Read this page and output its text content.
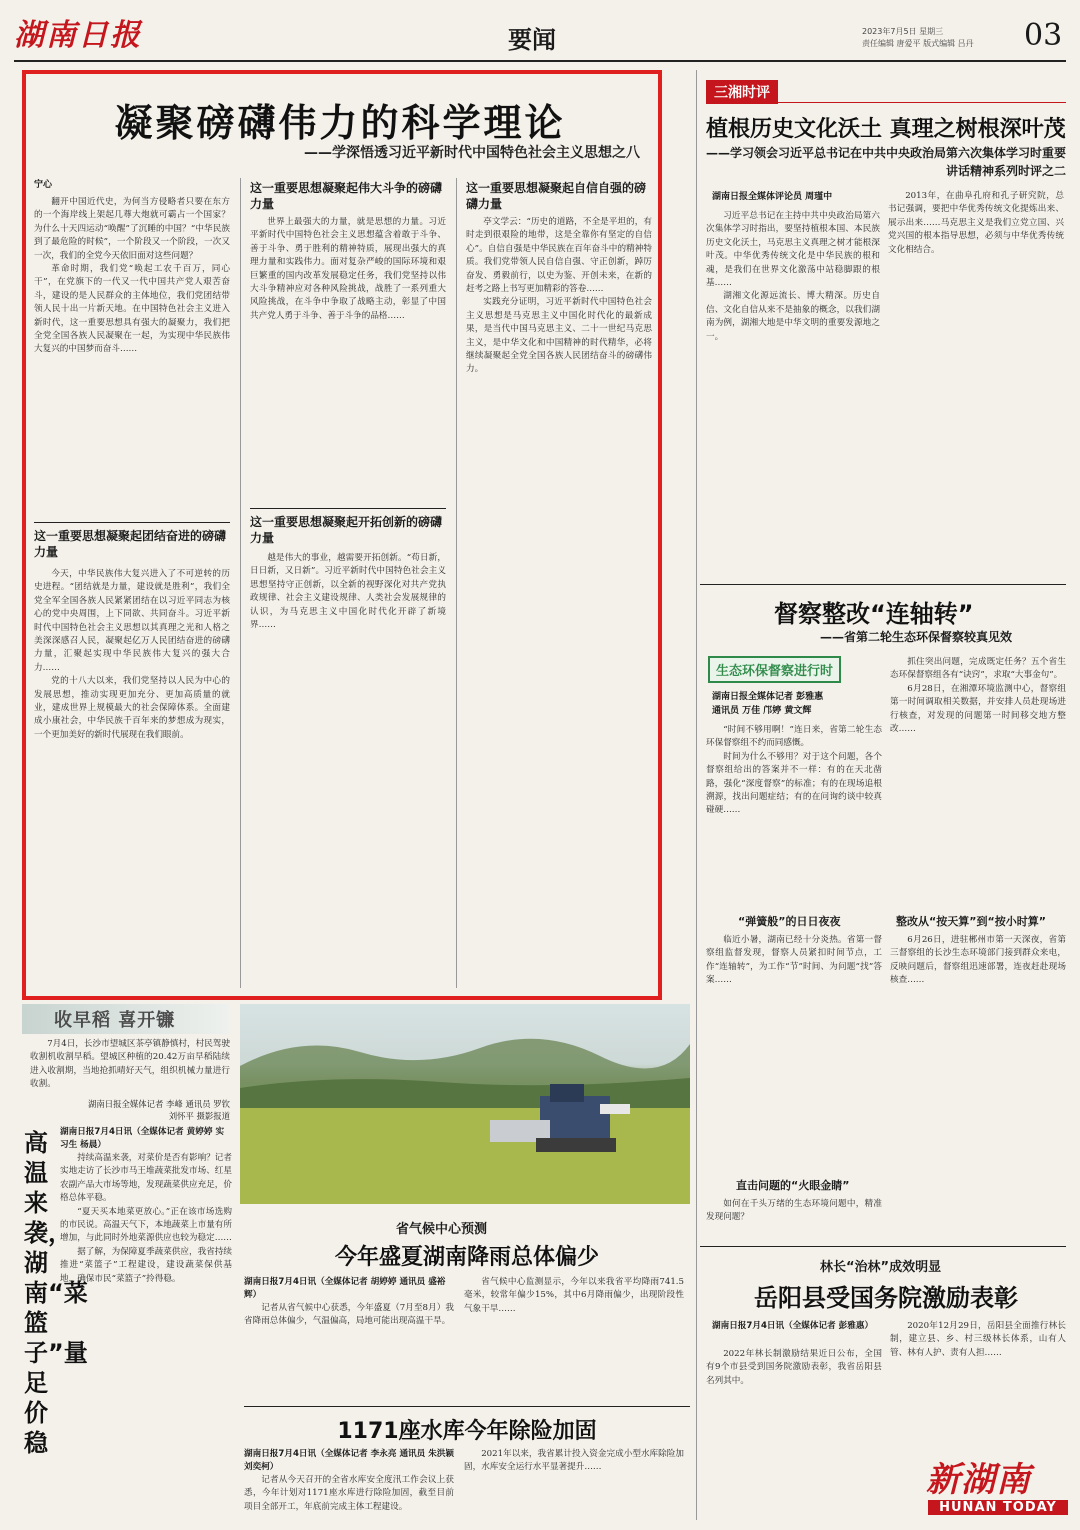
湖南日报	要闻	2023年7月5日 星期三
责任编辑 唐爱平 版式编辑 吕丹 03
凝聚磅礴伟力的科学理论
——学深悟透习近平新时代中国特色社会主义思想之八
宁心

翻开中国近代史，为何当方侵略者只要在东方的一个海岸线上架起几尊大炮就可霸占一个国家？为什么十天四运动“唤醒”了沉睡的中国？“中华民族到了最危险的时候”，一个阶段又一个阶段，一次又一次，我们的全党今天依旧面对这些问题？

革命时期，我们党“唤起工农千百万，同心干”，在党旗下的一代又一代中国共产党人艰苦奋斗，建设的是人民群众的主体地位，我们党团结带领人民十出一片新天地。在中国特色社会主义进入新时代，这一重要思想具有强大的凝聚力，我们把全党全国各族人民凝聚在一起，为实现中华民族伟大复兴的中国梦而奋斗……

这一重要思想凝聚起团结奋进的磅礴力量

今天，中华民族伟大复兴进入了不可逆转的历史进程。“团结就是力量，建设就是胜利”，我们全党全军全国各族人民紧紧团结在以习近平同志为核心的党中央周围，上下同欲、共同奋斗。习近平新时代中国特色社会主义思想以其真理之光和人格之美深深感召人民，凝聚起亿万人民团结奋进的磅礴力量，汇聚起实现中华民族伟大复兴的强大合力……

党的十八大以来，我们党坚持以人民为中心的发展思想，推动实现更加充分、更加高质量的就业，建成世界上规模最大的社会保障体系。全面建成小康社会，中华民族千百年来的梦想成为现实，一个更加美好的新时代展现在我们眼前。

这一重要思想凝聚起伟大斗争的磅礴力量

世界上最强大的力量，就是思想的力量。习近平新时代中国特色社会主义思想蕴含着敢于斗争、善于斗争、勇于胜利的精神特质，展现出强大的真理力量和实践伟力。面对复杂严峻的国际环境和艰巨繁重的国内改革发展稳定任务，我们党坚持以伟大斗争精神应对各种风险挑战，战胜了一系列重大风险挑战，在斗争中争取了战略主动，彰显了中国共产党人勇于斗争、善于斗争的品格……

这一重要思想凝聚起开拓创新的磅礴力量

越是伟大的事业，越需要开拓创新。“苟日新，日日新，又日新”。习近平新时代中国特色社会主义思想坚持守正创新，以全新的视野深化对共产党执政规律、社会主义建设规律、人类社会发展规律的认识，为马克思主义中国化时代化开辟了新境界……

这一重要思想凝聚起自信自强的磅礴力量

亭文学云：“历史的道路，不全是平坦的，有时走到很艰险的地带，这是全靠你有坚定的自信心”。自信自强是中华民族在百年奋斗中的精神特质。我们党带领人民自信自强、守正创新，踔厉奋发、勇毅前行，以史为鉴、开创未来，在新的赶考之路上书写更加精彩的答卷……

实践充分证明，习近平新时代中国特色社会主义思想是马克思主义中国化时代化的最新成果，是当代中国马克思主义、二十一世纪马克思主义，是中华文化和中国精神的时代精华，必将继续凝聚起全党全国各族人民团结奋斗的磅礴伟力。

三湘时评
植根历史文化沃土 真理之树根深叶茂
——学习领会习近平总书记在中共中央政治局第六次集体学习时重要讲话精神系列时评之二
湖南日报全媒体评论员 周瑾中

习近平总书记在主持中共中央政治局第六次集体学习时指出，要坚持植根本国、本民族历史文化沃土，马克思主义真理之树才能根深叶茂。中华优秀传统文化是中华民族的根和魂，是我们在世界文化激荡中站稳脚跟的根基……

湖湘文化源远流长、博大精深。历史自信、文化自信从来不是抽象的概念，以我们湖南为例，湖湘大地是中华文明的重要发源地之一。

2013年，在曲阜孔府和孔子研究院，总书记强调，要把中华优秀传统文化提炼出来、展示出来……马克思主义是我们立党立国、兴党兴国的根本指导思想，必须与中华优秀传统文化相结合。

督察整改“连轴转”
——省第二轮生态环保督察较真见效
生态环保督察进行时
湖南日报全媒体记者 彭雅惠
通讯员 万佳 邝婷 黄文辉

“时间不够用啊！”连日来，省第二轮生态环保督察组不约而同感慨。

时间为什么不够用？对于这个问题，各个督察组给出的答案并不一样：有的在天北凿路，强化“深度督察”的标准；有的在现场追根溯源，找出问题症结；有的在问询约谈中较真碰硬……

“弹簧般”的日日夜夜

临近小暑，湖南已经十分炎热。省第一督察组监督发现，督察人员紧扣时间节点，工作“连轴转”，为工作“节”时间、为问题“找”答案……

直击问题的“火眼金睛”

如何在千头万绪的生态环境问题中，精准发现问题？

抓住突出问题，完成既定任务？五个省生态环保督察组各有“诀窍”，求取“大事金句”。

6月28日，在湘潭环境监测中心，督察组第一时间调取相关数据，并安排人员赴现场进行核查，对发现的问题第一时间移交地方整改……

整改从“按天算”到“按小时算”

6月26日，进驻郴州市第一天深夜，省第三督察组的长沙生态环境部门接到群众来电，反映问题后，督察组迅速部署，连夜赶赴现场核查……

林长“治林”成效明显
岳阳县受国务院激励表彰
湖南日报7月4日讯（全媒体记者 彭雅惠）

2022年林长制激励结果近日公布，全国有9个市县受到国务院激励表彰，我省岳阳县名列其中。

2020年12月29日，岳阳县全面推行林长制，建立县、乡、村三级林长体系，山有人管、林有人护、责有人担……

收早稻 喜开镰

7月4日，长沙市望城区茶亭镇静慎村，村民驾驶收割机收割早稻。望城区种植的20.42万亩早稻陆续进入收割期，当地抢抓晴好天气，组织机械力量进行收割。

湖南日报全媒体记者 李峰 通讯员 罗钦 刘怀平 摄影报道
高温来袭，湖南“菜篮子”量足价稳
湖南日报7月4日讯（全媒体记者 黄婷婷 实习生 杨晨）

持续高温来袭，对菜价是否有影响？记者实地走访了长沙市马王堆蔬菜批发市场、红星农副产品大市场等地，发现蔬菜供应充足，价格总体平稳。

“夏天买本地菜更放心。”正在该市场选购的市民说。高温天气下，本地蔬菜上市量有所增加，与此同时外地菜源供应也较为稳定……

据了解，为保障夏季蔬菜供应，我省持续推进“菜篮子”工程建设，建设蔬菜保供基地，确保市民“菜篮子”拎得稳。

省气候中心预测
今年盛夏湖南降雨总体偏少
湖南日报7月4日讯（全媒体记者 胡婷婷 通讯员 盛裕辉）

记者从省气候中心获悉，今年盛夏（7月至8月）我省降雨总体偏少，气温偏高，局地可能出现高温干旱。

省气候中心监测显示，今年以来我省平均降雨741.5毫米，较常年偏少15%，其中6月降雨偏少，出现阶段性气象干旱……

1171座水库今年除险加固
湖南日报7月4日讯（全媒体记者 李永亮 通讯员 朱洪颖 刘奕柯）

记者从今天召开的全省水库安全度汛工作会议上获悉，今年计划对1171座水库进行除险加固，截至目前项目全部开工，年底前完成主体工程建设。

2021年以来，我省累计投入资金完成小型水库除险加固，水库安全运行水平显著提升……	新湖南
HUNAN TODAY
